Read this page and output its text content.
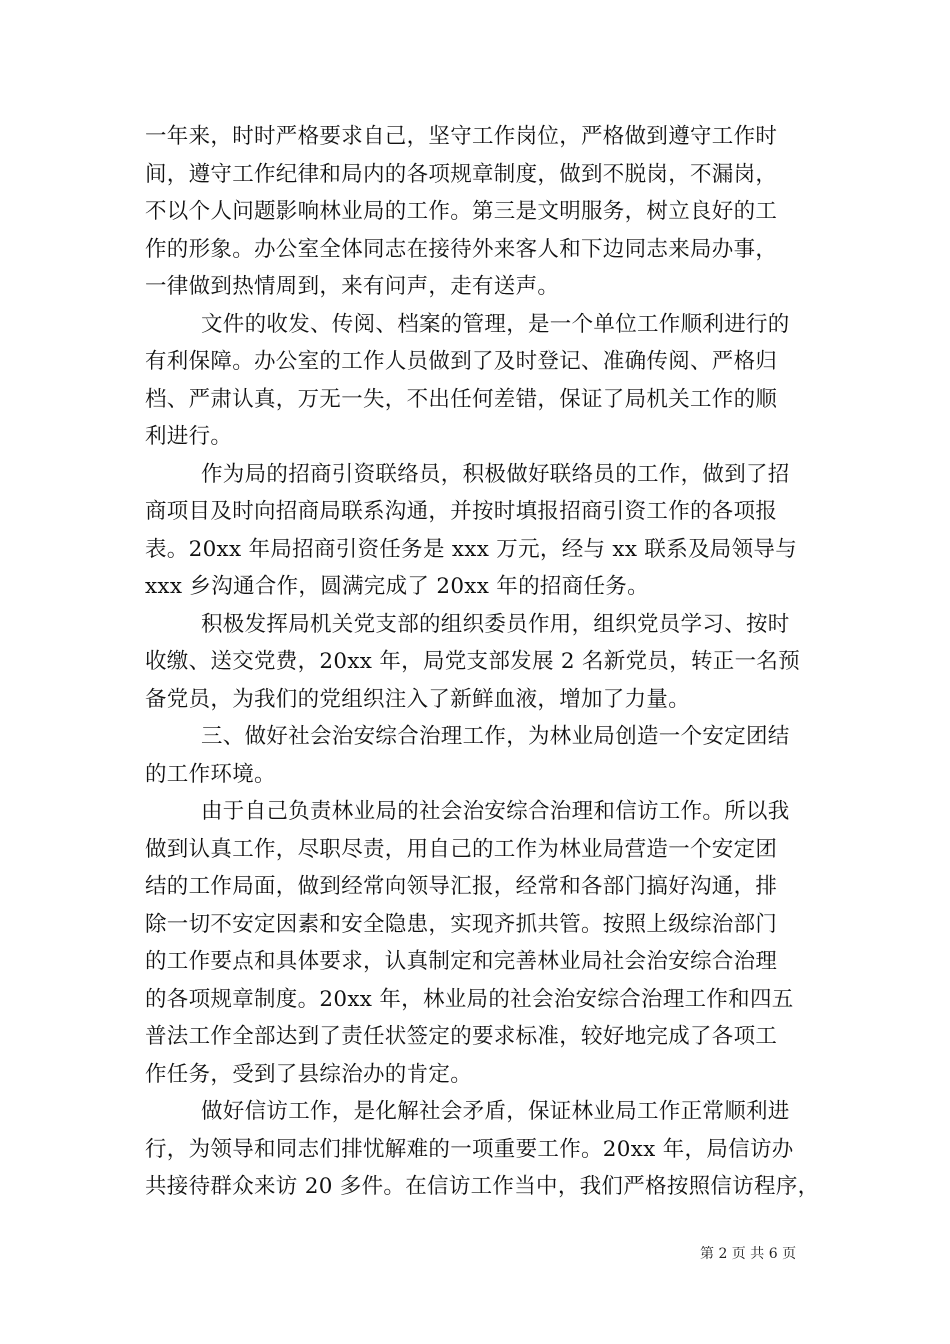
一年来，时时严格要求自己，坚守工作岗位，严格做到遵守工作时
间，遵守工作纪律和局内的各项规章制度，做到不脱岗，不漏岗，
不以个人问题影响林业局的工作。第三是文明服务，树立良好的工
作的形象。办公室全体同志在接待外来客人和下边同志来局办事，
一律做到热情周到，来有问声，走有送声。
文件的收发、传阅、档案的管理，是一个单位工作顺利进行的
有利保障。办公室的工作人员做到了及时登记、准确传阅、严格归
档、严肃认真，万无一失，不出任何差错，保证了局机关工作的顺
利进行。
作为局的招商引资联络员，积极做好联络员的工作，做到了招
商项目及时向招商局联系沟通，并按时填报招商引资工作的各项报
表。20xx 年局招商引资任务是 xxx 万元，经与 xx 联系及局领导与
xxx 乡沟通合作，圆满完成了 20xx 年的招商任务。
积极发挥局机关党支部的组织委员作用，组织党员学习、按时
收缴、送交党费，20xx 年，局党支部发展 2 名新党员，转正一名预
备党员，为我们的党组织注入了新鲜血液，增加了力量。
三、做好社会治安综合治理工作，为林业局创造一个安定团结
的工作环境。
由于自己负责林业局的社会治安综合治理和信访工作。所以我
做到认真工作，尽职尽责，用自己的工作为林业局营造一个安定团
结的工作局面，做到经常向领导汇报，经常和各部门搞好沟通，排
除一切不安定因素和安全隐患，实现齐抓共管。按照上级综治部门
的工作要点和具体要求，认真制定和完善林业局社会治安综合治理
的各项规章制度。20xx 年，林业局的社会治安综合治理工作和四五
普法工作全部达到了责任状签定的要求标准，较好地完成了各项工
作任务，受到了县综治办的肯定。
做好信访工作，是化解社会矛盾，保证林业局工作正常顺利进
行，为领导和同志们排忧解难的一项重要工作。20xx 年，局信访办
共接待群众来访 20 多件。在信访工作当中，我们严格按照信访程序，
第 2 页 共 6 页
